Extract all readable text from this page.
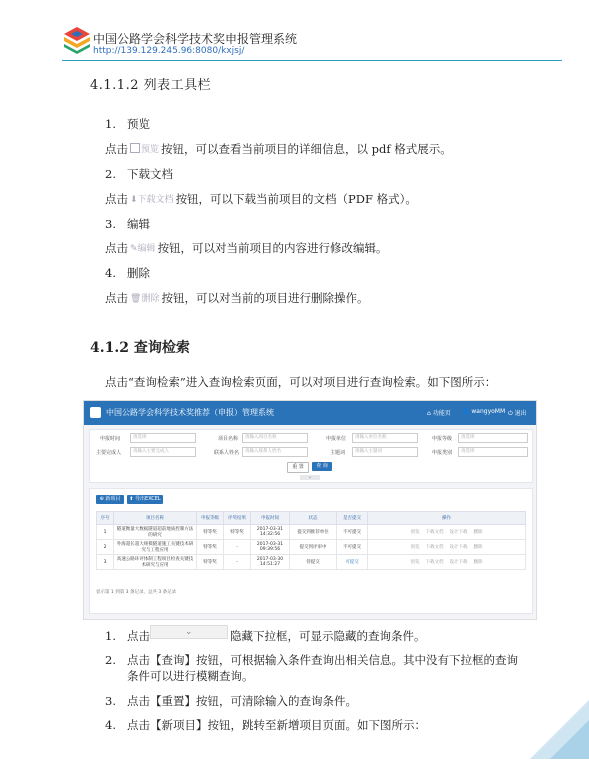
中国公路学会科学技术奖申报管理系统
http://139.129.245.96:8080/kxjsj/
4.1.1.2 列表工具栏
1. 预览
点击 预览 按钮，可以查看当前项目的详细信息，以 pdf 格式展示。
2. 下载文档
点击 ⬇下载文档 按钮，可以下载当前项目的文档（PDF 格式）。
3. 编辑
点击 ✎编辑 按钮，可以对当前项目的内容进行修改编辑。
4. 删除
点击 🗑删除 按钮，可以对当前的项目进行删除操作。
4.1.2 查询检索
点击“查询检索”进入查询检索页面，可以对项目进行查询检索。如下图所示：
中国公路学会科学技术奖推荐（申报）管理系统	⌂ 功能页 👤 wangyoMM ⏻ 退出
申报时间	请选择	项目名称	请输入项目名称	申报单位	请输入单位名称	申报等级	请选择
主要完成人	请输入主要完成人	联系人姓名	请输入联系人姓名	主题词	请输入主题词	申报类别	请选择
重 置	查 询
⌄
⊕ 新项目	⬆ 导出EXCEL
序号	项目名称	申报等级	评奖结果	申报时间	状态	是否提交	操作
1	隧道衡量大数据隧道超前地质控制方法的研究	特等奖	特等奖	2017-03-31 14:32:56	提交到推荐单位	不可提交	预览 下载文档 设计下载 删除
2	外海超长超大规模隧道施工关键技术研究与工程应用	特等奖	-	2017-03-31 09:39:56	提交到评审中	不可提交	预览 下载文档 设计下载 删除
3	高速公路环评体制工程项目检查关键技术研究与应用	特等奖	-	2017-03-30 14:51:27	待提交	可提交	预览 下载文档 设计下载 删除
显示第 1 到第 3 条记录，总共 3 条记录
1. 点击	隐藏下拉框，可显示隐藏的查询条件。
⌄
2. 点击【查询】按钮，可根据输入条件查询出相关信息。其中没有下拉框的查询
条件可以进行模糊查询。
3. 点击【重置】按钮，可清除输入的查询条件。
4. 点击【新项目】按钮，跳转至新增项目页面。如下图所示：
